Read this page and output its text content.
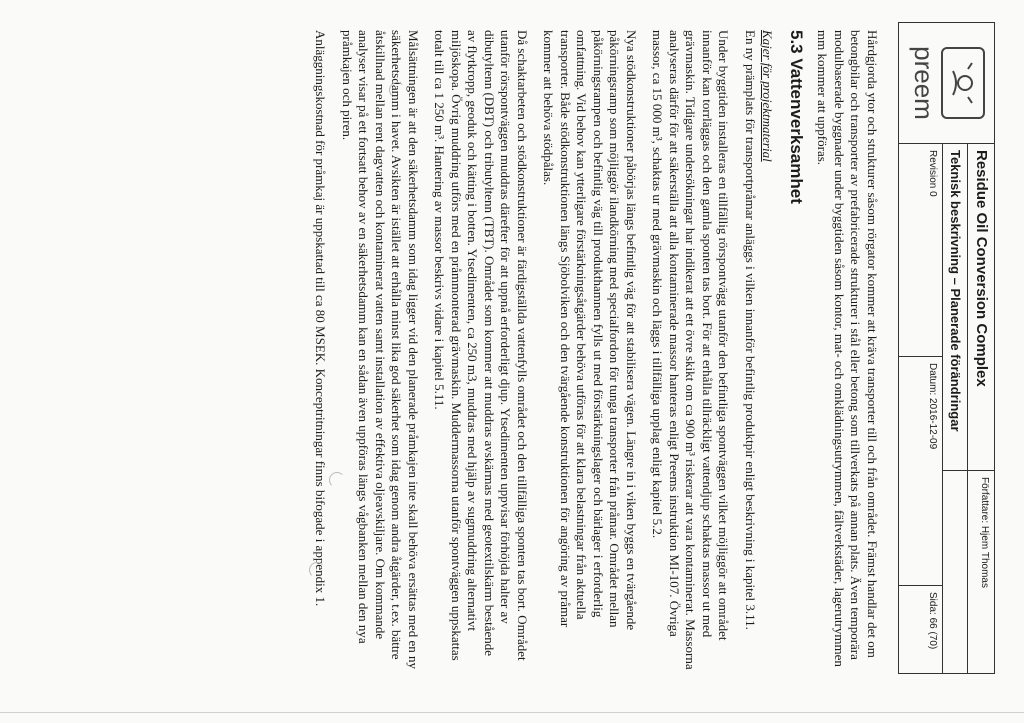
preem
Residue Oil Conversion Complex
Författare: Hjem Thomas
Teknisk beskrivning – Planerade förändringar
Revision 0
Datum: 2016-12-09
Sida: 66 (70)

Hårdgjorda ytor och strukturer såsom rörgator kommer att kräva transporter till och från området. Främst handlar det om betongbilar och transporter av prefabricerade strukturer i stål eller betong som tillverkats på annan plats. Även temporära modulbaserade byggnader under byggtiden såsom kontor, mat- och omklädningsutrymmen, fältverkstäder, lagerutrymmen mm kommer att uppföras.

5.3 Vattenverksamhet
Kajer för projektmaterial

En ny prämplats för transportpråmar anläggs i vilken innanför befintlig produktpir enligt beskrivning i kapitel 3.11.

Under byggtiden installeras en tillfällig rörspontvägg utanför den befintliga spontväggen vilket möjliggör att området innanför kan torrläggas och den gamla sponten tas bort. För att erhålla tillräckligt vattendjup schaktas massor ut med grävmaskin. Tidigare undersökningar har indikerat att ett övre skikt om ca 900 m³ riskerar att vara kontaminerat. Massorna analyseras därför för att säkerställa att alla kontaminerade massor hanteras enligt Preems instruktion MI-107. Övriga massor, ca 15 000 m³, schaktas ur med grävmaskin och läggs i tillfälliga upplag enligt kapitel 5.2.

Nya stödkonstruktioner påbörjas längs befintlig väg för att stabilisera vägen. Längre in i viken byggs en tvärgående påkörningsramp som möjliggör ilandkörning med specialfordon för tunga transporter från pråmar. Området mellan påkörningsrampen och befintlig väg till produkthamnen fylls ut med förstärkningslager och bärlager i erforderlig omfattning. Vid behov kan ytterligare förstärkningsåtgärder behöva utföras för att klara belastningar från aktuella transporter. Både stödkonstruktionen längs Sjöbolviken och den tvärgående konstruktionen för angöring av pråmar kommer att behöva stödpålas.

Då schaktarbeten och stödkonstruktioner är färdigställda vattenfylls området och den tillfälliga sponten tas bort. Området utanför rörspontväggen muddras därefter för att uppnå erforderligt djup. Ytsedimenten uppvisar förhöjda halter av dibutyltenn (DBT) och tributyltenn (TBT). Området som kommer att muddras avskärmas med geotextilskärm bestående av flytkropp, geoduk och kätting i botten. Ytsedimenten, ca 250 m3, muddras med hjälp av sugmuddring alternativt miljöskopa. Övrig muddring utförs med en pråmmonterad grävmaskin. Muddermassorna utanför spontväggen uppskattas totalt till ca 1 250 m³. Hantering av massor beskrivs vidare i kapitel 5.11.

Målsättningen är att den säkerhetsdamm som idag ligger vid den planerade pråmkajen inte skall behöva ersättas med en ny säkerhetsdamm i havet. Avsikten är istället att erhålla minst lika god säkerhet som idag genom andra åtgärder, t.ex. bättre åtskillnad mellan rent dagvatten och kontaminerat vatten samt installation av effektiva oljeavskiljare. Om kommande analyser visar på ett fortsatt behov av en säkerhetsdamm kan en sådan även uppföras längs vågbanken mellan den nya pråmkajen och piren.

Anläggningskostnad för pråmkaj är uppskattad till ca 80 MSEK. Konceptritningar finns bifogade i appendix 1.
